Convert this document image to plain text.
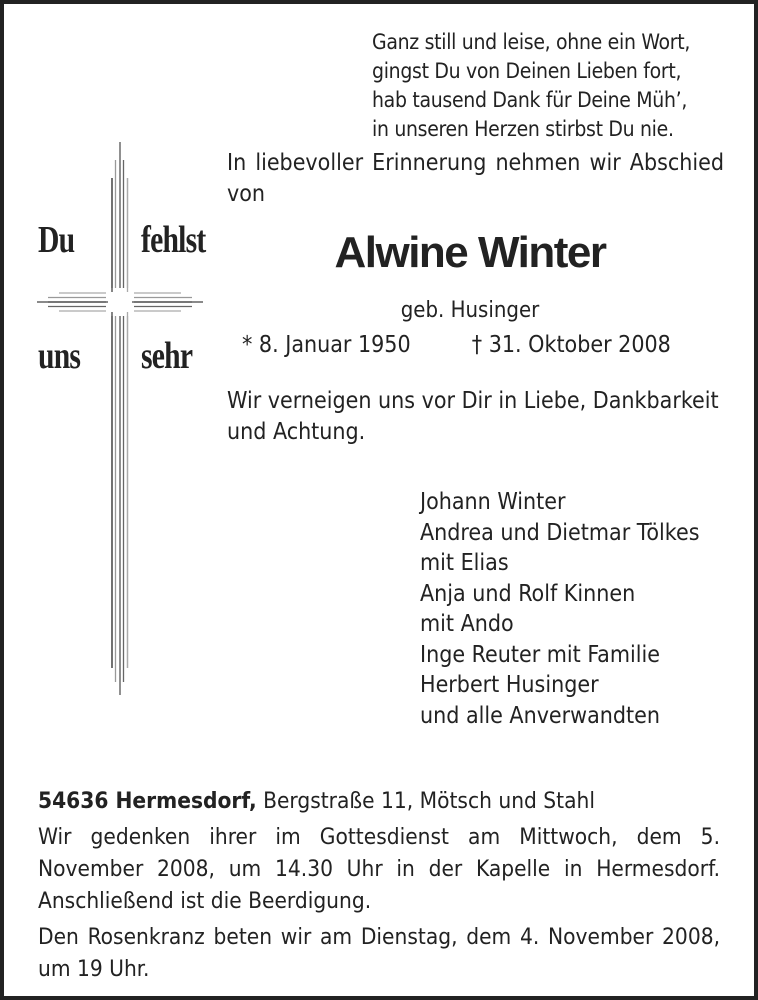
Ganz still und leise, ohne ein Wort,
gingst Du von Deinen Lieben fort,
hab tausend Dank für Deine Müh’,
in unseren Herzen stirbst Du nie.
Du fehlst
uns sehr
In liebevoller Erinnerung nehmen wir Abschied von
Alwine Winter
geb. Husinger
* 8. Januar 1950	† 31. Oktober 2008
Wir verneigen uns vor Dir in Liebe, Dankbarkeit und Achtung.
Johann Winter
Andrea und Dietmar Tölkes
mit Elias
Anja und Rolf Kinnen
mit Ando
Inge Reuter mit Familie
Herbert Husinger
und alle Anverwandten

54636 Hermesdorf, Bergstraße 11, Mötsch und Stahl

Wir gedenken ihrer im Gottesdienst am Mittwoch, dem 5. November 2008, um 14.30 Uhr in der Kapelle in Hermesdorf. Anschließend ist die Beerdigung.

Den Rosenkranz beten wir am Dienstag, dem 4. November 2008, um 19 Uhr.
